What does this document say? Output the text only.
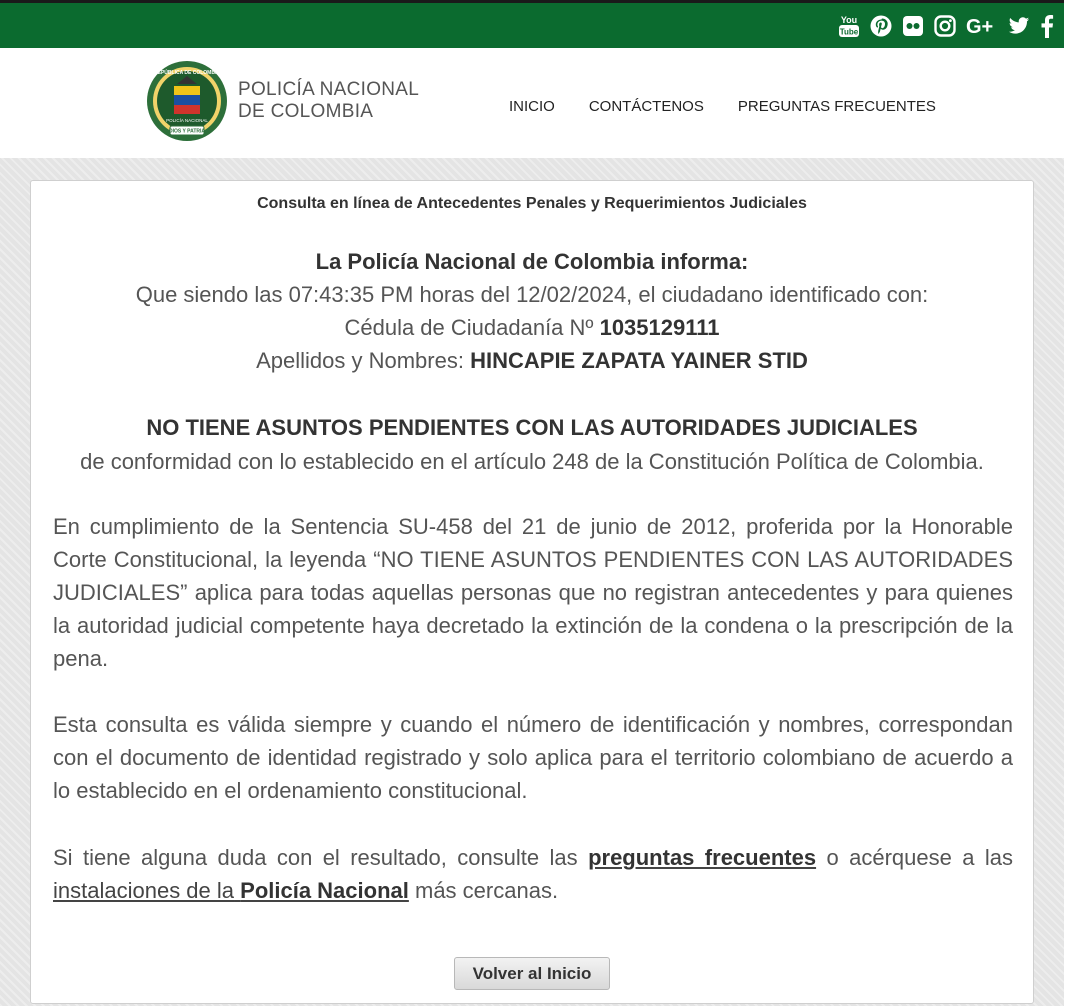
You
Tube	G+
REPÚBLICA DE COLOMBIA
POLICÍA NACIONAL
DIOS Y PATRIA
POLICÍA NACIONAL
DE COLOMBIA	INICIO CONTÁCTENOS PREGUNTAS FRECUENTES
Consulta en línea de Antecedentes Penales y Requerimientos Judiciales
La Policía Nacional de Colombia informa:
Que siendo las 07:43:35 PM horas del 12/02/2024, el ciudadano identificado con:
Cédula de Ciudadanía Nº 1035129111
Apellidos y Nombres: HINCAPIE ZAPATA YAINER STID
NO TIENE ASUNTOS PENDIENTES CON LAS AUTORIDADES JUDICIALES
de conformidad con lo establecido en el artículo 248 de la Constitución Política de Colombia.

En cumplimiento de la Sentencia SU-458 del 21 de junio de 2012, proferida por la Honorable Corte Constitucional, la leyenda “NO TIENE ASUNTOS PENDIENTES CON LAS AUTORIDADES JUDICIALES” aplica para todas aquellas personas que no registran antecedentes y para quienes la autoridad judicial competente haya decretado la extinción de la condena o la prescripción de la pena.

Esta consulta es válida siempre y cuando el número de identificación y nombres, correspondan con el documento de identidad registrado y solo aplica para el territorio colombiano de acuerdo a lo establecido en el ordenamiento constitucional.

Si tiene alguna duda con el resultado, consulte las preguntas frecuentes o acérquese a las instalaciones de la Policía Nacional más cercanas.

Volver al Inicio
